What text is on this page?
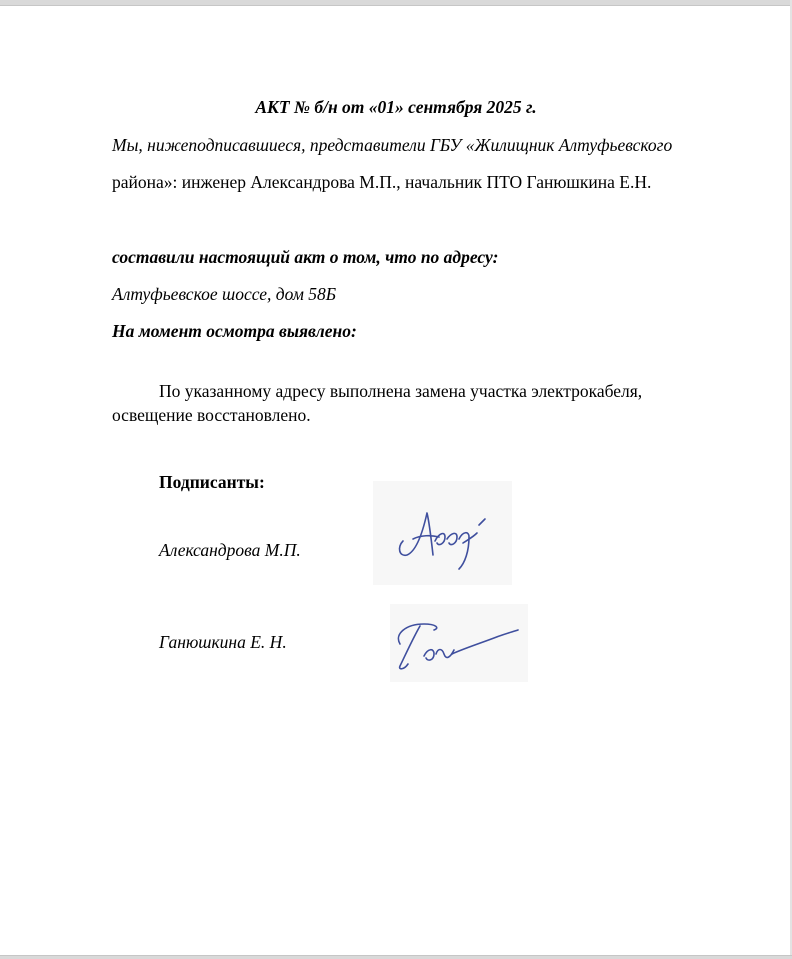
АКТ № б/н от «01» сентября 2025 г.
Мы, нижеподписавшиеся, представители ГБУ «Жилищник Алтуфьевского
района»: инженер Александрова М.П., начальник ПТО Ганюшкина Е.Н.
составили настоящий акт о том, что по адресу:
Алтуфьевское шоссе, дом 58Б
На момент осмотра выявлено:
По указанному адресу выполнена замена участка электрокабеля,
освещение восстановлено.
Подписанты:
Александрова М.П.
Ганюшкина Е. Н.
